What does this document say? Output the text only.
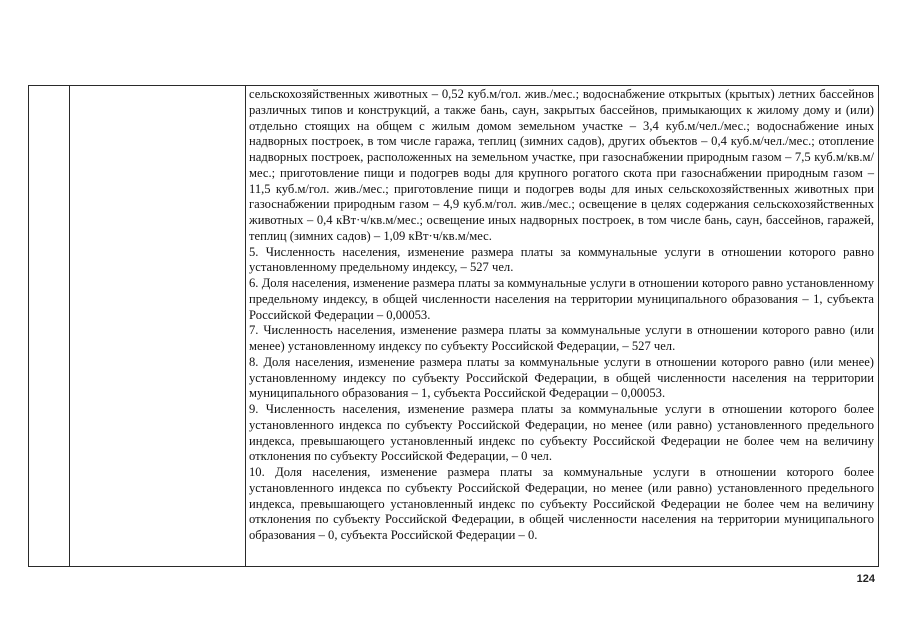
сельскохозяйственных животных – 0,52 куб.м/гол. жив./мес.; водоснабжение открытых (крытых) летних бассейнов различных типов и конструкций, а также бань, саун, закрытых бассейнов, примыкающих к жилому дому и (или) отдельно стоящих на общем с жилым домом земельном участке – 3,4 куб.м/чел./мес.; водоснабжение иных надворных построек, в том числе гаража, теплиц (зимних садов), других объектов – 0,4 куб.м/чел./мес.; отопление надворных построек, расположенных на земельном участке, при газоснабжении природным газом – 7,5 куб.м/кв.м/мес.; приготовление пищи и подогрев воды для крупного рогатого скота при газоснабжении природным газом – 11,5 куб.м/гол. жив./мес.; приготовление пищи и подогрев воды для иных сельскохозяйственных животных при газоснабжении природным газом – 4,9 куб.м/гол. жив./мес.; освещение в целях содержания сельскохозяйственных животных – 0,4 кВт·ч/кв.м/мес.; освещение иных надворных построек, в том числе бань, саун, бассейнов, гаражей, теплиц (зимних садов) – 1,09 кВт·ч/кв.м/мес.

5. Численность населения, изменение размера платы за коммунальные услуги в отношении которого равно установленному предельному индексу, – 527 чел.

6. Доля населения, изменение размера платы за коммунальные услуги в отношении которого равно установленному предельному индексу, в общей численности населения на территории муниципального образования – 1, субъекта Российской Федерации – 0,00053.

7. Численность населения, изменение размера платы за коммунальные услуги в отношении которого равно (или менее) установленному индексу по субъекту Российской Федерации, – 527 чел.

8. Доля населения, изменение размера платы за коммунальные услуги в отношении которого равно (или менее) установленному индексу по субъекту Российской Федерации, в общей численности населения на территории муниципального образования – 1, субъекта Российской Федерации – 0,00053.

9. Численность населения, изменение размера платы за коммунальные услуги в отношении которого более установленного индекса по субъекту Российской Федерации, но менее (или равно) установленного предельного индекса, превышающего установленный индекс по субъекту Российской Федерации не более чем на величину отклонения по субъекту Российской Федерации, – 0 чел.

10. Доля населения, изменение размера платы за коммунальные услуги в отношении которого более установленного индекса по субъекту Российской Федерации, но менее (или равно) установленного предельного индекса, превышающего установленный индекс по субъекту Российской Федерации не более чем на величину отклонения по субъекту Российской Федерации, в общей численности населения на территории муниципального образования – 0, субъекта Российской Федерации – 0.

124
